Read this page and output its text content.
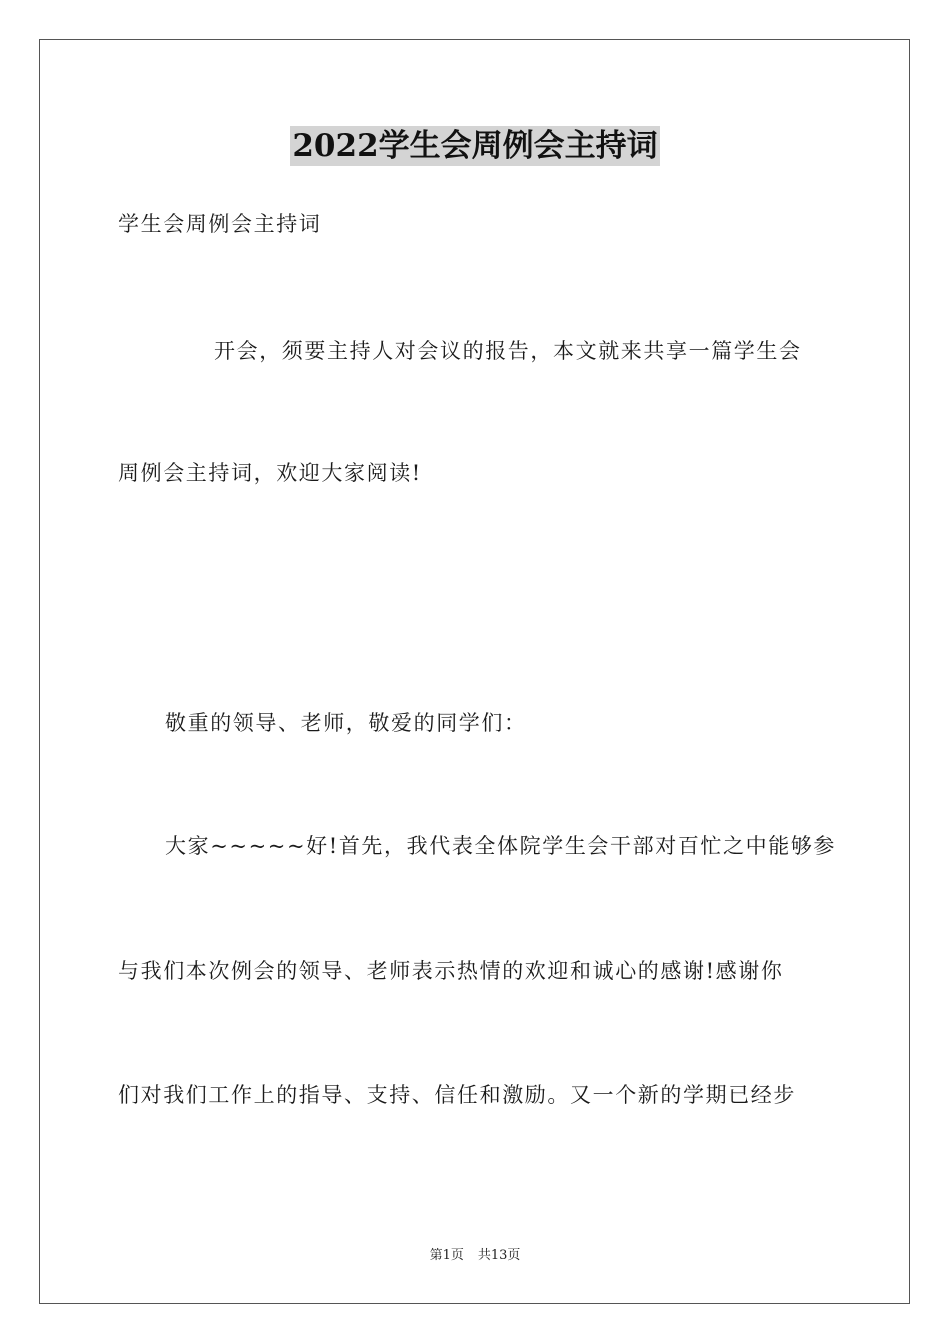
2022学生会周例会主持词
学生会周例会主持词
开会，须要主持人对会议的报告，本文就来共享一篇学生会
周例会主持词，欢迎大家阅读!
敬重的领导、老师，敬爱的同学们：
大家~~~~~好!首先，我代表全体院学生会干部对百忙之中能够参
与我们本次例会的领导、老师表示热情的欢迎和诚心的感谢!感谢你
们对我们工作上的指导、支持、信任和激励。又一个新的学期已经步
第1页 共13页
